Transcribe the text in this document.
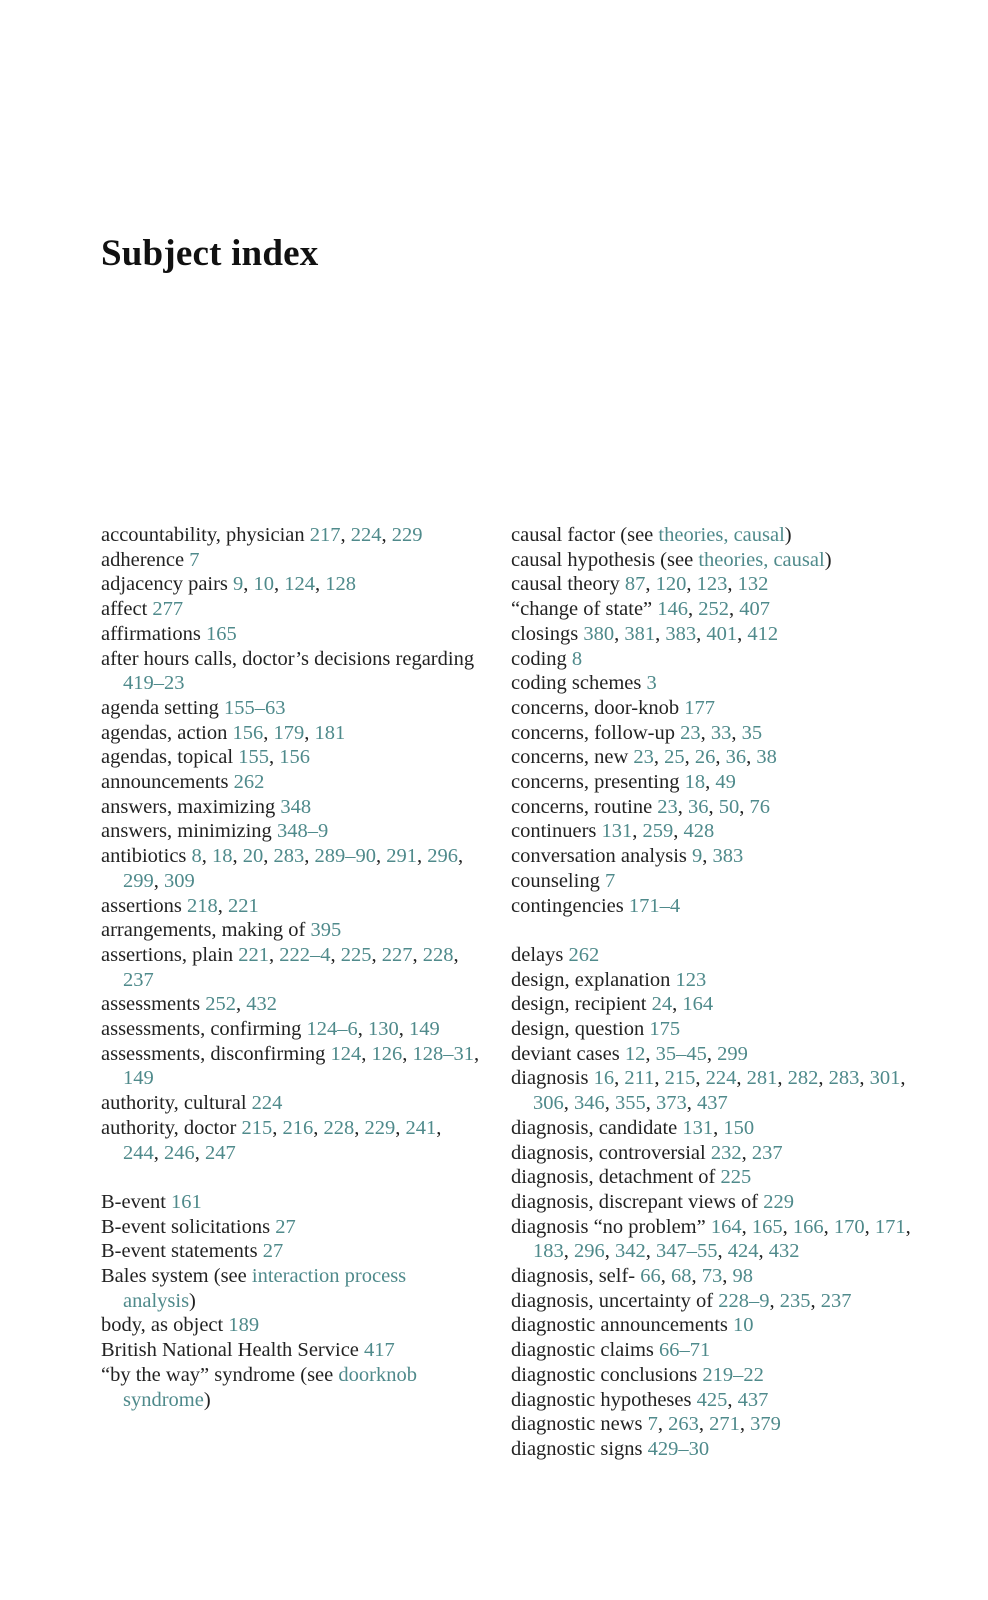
Subject index
accountability, physician 217, 224, 229
adherence 7
adjacency pairs 9, 10, 124, 128
affect 277
affirmations 165
after hours calls, doctor’s decisions regarding 419–23
agenda setting 155–63
agendas, action 156, 179, 181
agendas, topical 155, 156
announcements 262
answers, maximizing 348
answers, minimizing 348–9
antibiotics 8, 18, 20, 283, 289–90, 291, 296, 299, 309
assertions 218, 221
arrangements, making of 395
assertions, plain 221, 222–4, 225, 227, 228, 237
assessments 252, 432
assessments, confirming 124–6, 130, 149
assessments, disconfirming 124, 126, 128–31, 149
authority, cultural 224
authority, doctor 215, 216, 228, 229, 241, 244, 246, 247
B-event 161
B-event solicitations 27
B-event statements 27
Bales system (see interaction process analysis)
body, as object 189
British National Health Service 417
“by the way” syndrome (see doorknob syndrome)
causal factor (see theories, causal)
causal hypothesis (see theories, causal)
causal theory 87, 120, 123, 132
“change of state” 146, 252, 407
closings 380, 381, 383, 401, 412
coding 8
coding schemes 3
concerns, door-knob 177
concerns, follow-up 23, 33, 35
concerns, new 23, 25, 26, 36, 38
concerns, presenting 18, 49
concerns, routine 23, 36, 50, 76
continuers 131, 259, 428
conversation analysis 9, 383
counseling 7
contingencies 171–4
delays 262
design, explanation 123
design, recipient 24, 164
design, question 175
deviant cases 12, 35–45, 299
diagnosis 16, 211, 215, 224, 281, 282, 283, 301, 306, 346, 355, 373, 437
diagnosis, candidate 131, 150
diagnosis, controversial 232, 237
diagnosis, detachment of 225
diagnosis, discrepant views of 229
diagnosis “no problem” 164, 165, 166, 170, 171, 183, 296, 342, 347–55, 424, 432
diagnosis, self- 66, 68, 73, 98
diagnosis, uncertainty of 228–9, 235, 237
diagnostic announcements 10
diagnostic claims 66–71
diagnostic conclusions 219–22
diagnostic hypotheses 425, 437
diagnostic news 7, 263, 271, 379
diagnostic signs 429–30
